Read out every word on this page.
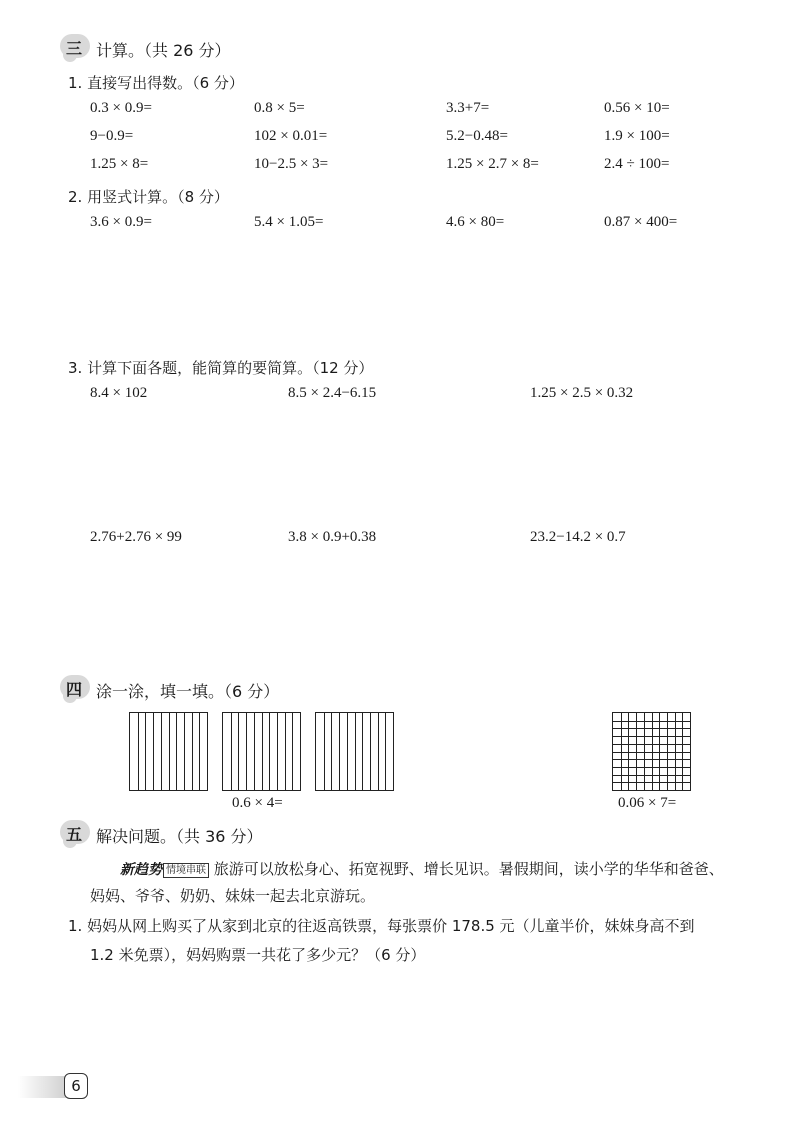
三 计算。（共 26 分）
1. 直接写出得数。（6 分）
0.3 × 0.9=	0.8 × 5=	3.3+7=	0.56 × 10=
9−0.9=	102 × 0.01=	5.2−0.48=	1.9 × 100=
1.25 × 8=	10−2.5 × 3=	1.25 × 2.7 × 8=	2.4 ÷ 100=
2. 用竖式计算。（8 分）
3.6 × 0.9=	5.4 × 1.05=	4.6 × 80=	0.87 × 400=
3. 计算下面各题，能简算的要简算。（12 分）
8.4 × 102	8.5 × 2.4−6.15	1.25 × 2.5 × 0.32
2.76+2.76 × 99	3.8 × 0.9+0.38	23.2−14.2 × 0.7
四 涂一涂，填一填。（6 分）
0.6 × 4=	0.06 × 7=
五 解决问题。（共 36 分）
新趋势 情境串联 旅游可以放松身心、拓宽视野、增长见识。暑假期间，读小学的华华和爸爸、
妈妈、爷爷、奶奶、妹妹一起去北京游玩。
1. 妈妈从网上购买了从家到北京的往返高铁票，每张票价 178.5 元（儿童半价，妹妹身高不到
1.2 米免票），妈妈购票一共花了多少元？（6 分）
6
